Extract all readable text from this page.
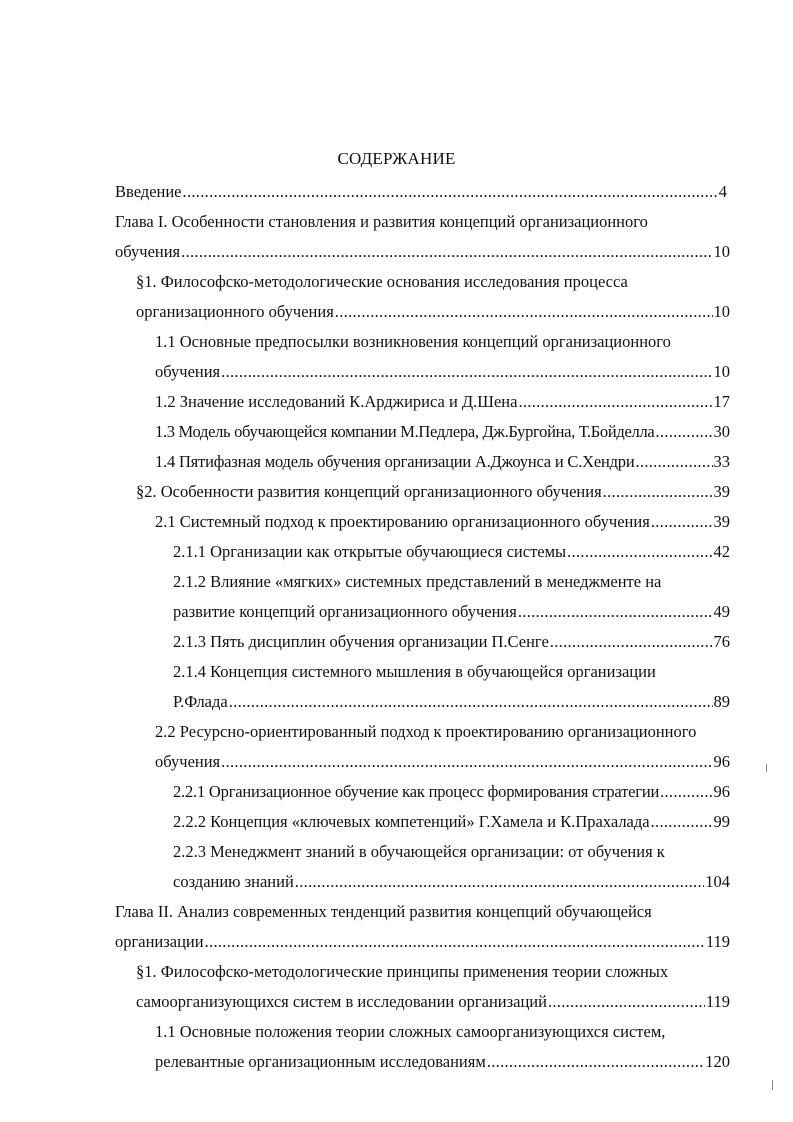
СОДЕРЖАНИЕ
Введение .....	4
Глава I. Особенности становления и развития концепций организационного
обучения .....	10
§1. Философско-методологические основания исследования процесса
организационного обучения .....	10
1.1 Основные предпосылки возникновения концепций организационного
обучения .....	10
1.2 Значение исследований К.Арджириса и Д.Шена .....	17
1.3 Модель обучающейся компании М.Педлера, Дж.Бургойна, Т.Бойделла .....	30
1.4 Пятифазная модель обучения организации А.Джоунса и С.Хендри .....	33
§2. Особенности развития концепций организационного обучения .....	39
2.1 Системный подход к проектированию организационного обучения .....	39
2.1.1 Организации как открытые обучающиеся системы .....	42
2.1.2 Влияние «мягких» системных представлений в менеджменте на
развитие концепций организационного обучения .....	49
2.1.3 Пять дисциплин обучения организации П.Сенге .....	76
2.1.4 Концепция системного мышления в обучающейся организации
Р.Флада .....	89
2.2 Ресурсно-ориентированный подход к проектированию организационного
обучения .....	96
2.2.1 Организационное обучение как процесс формирования стратегии .....	96
2.2.2 Концепция «ключевых компетенций» Г.Хамела и К.Прахалада .....	99
2.2.3 Менеджмент знаний в обучающейся организации: от обучения к
созданию знаний .....	104
Глава II. Анализ современных тенденций развития концепций обучающейся
организации .....	119
§1. Философско-методологические принципы применения теории сложных
самоорганизующихся систем в исследовании организаций .....	119
1.1 Основные положения теории сложных самоорганизующихся систем,
релевантные организационным исследованиям .....	120
